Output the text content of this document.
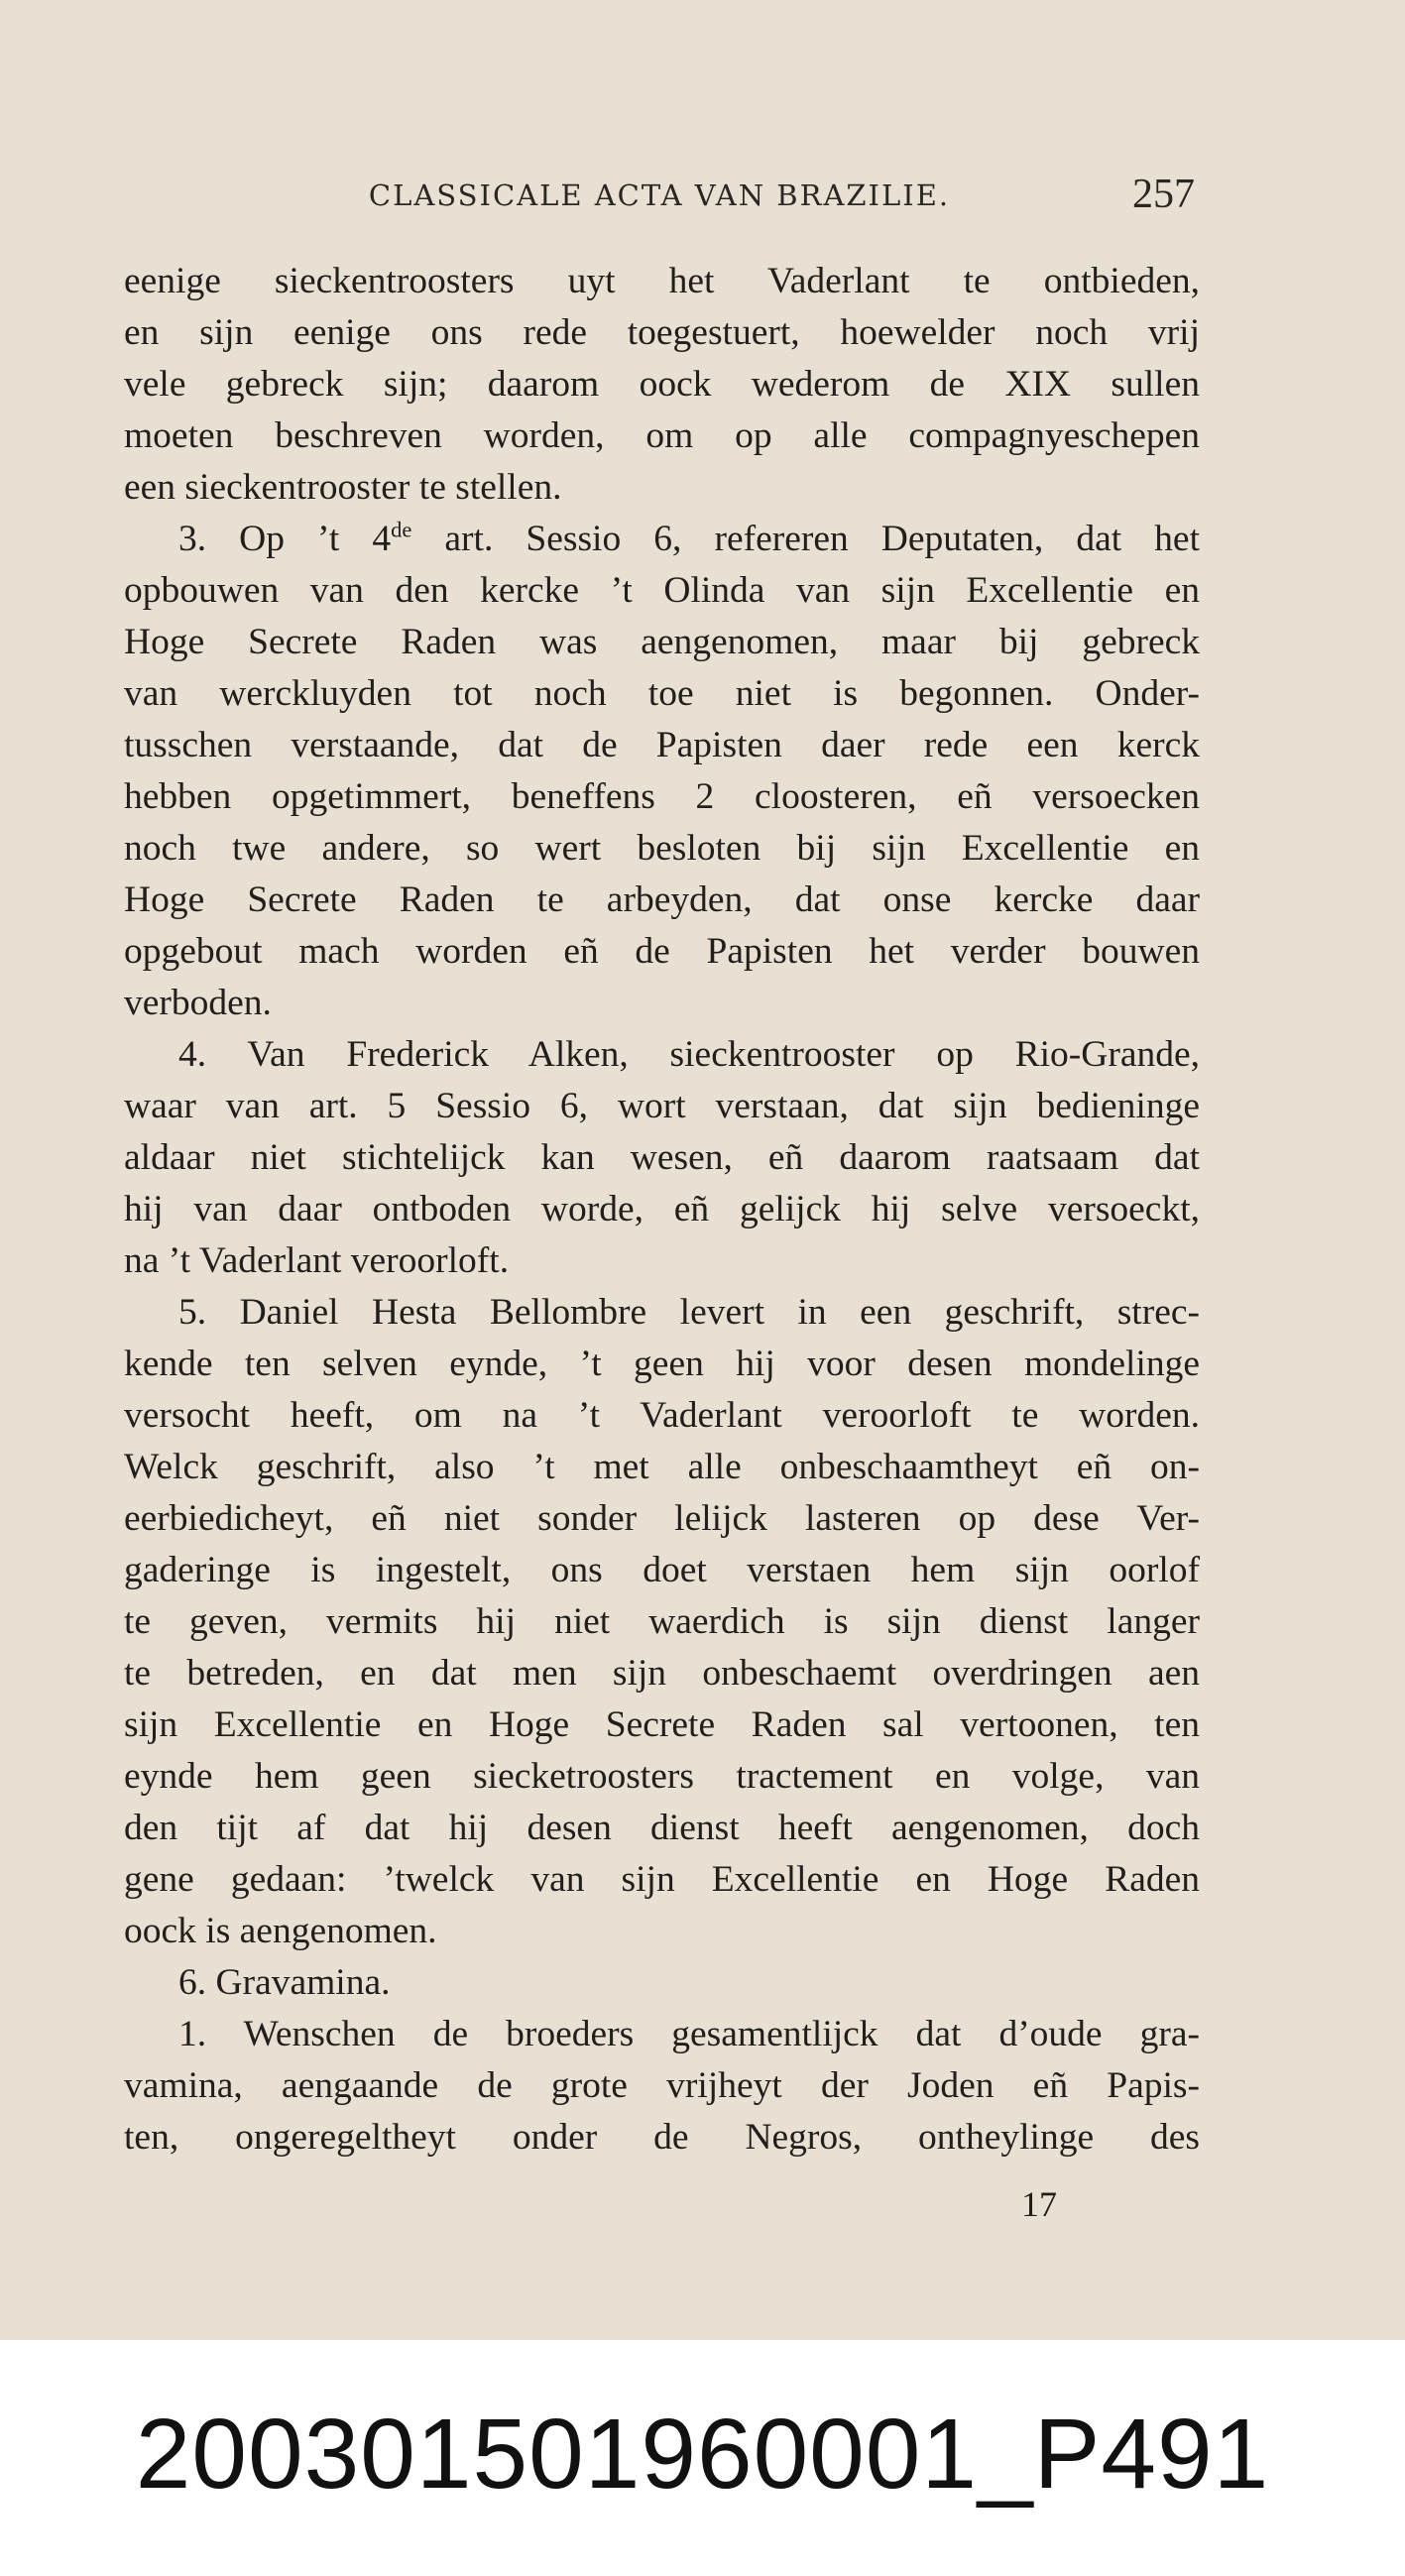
CLASSICALE ACTA VAN BRAZILIE.	257
eenige sieckentroosters uyt het Vaderlant te ontbieden,
en sijn eenige ons rede toegestuert, hoewelder noch vrij
vele gebreck sijn; daarom oock wederom de XIX sullen
moeten beschreven worden, om op alle compagnyeschepen
een sieckentrooster te stellen.
3. Op ’t 4de art. Sessio 6, refereren Deputaten, dat het
opbouwen van den kercke ’t Olinda van sijn Excellentie en
Hoge Secrete Raden was aengenomen, maar bij gebreck
van werckluyden tot noch toe niet is begonnen. Onder-
tusschen verstaande, dat de Papisten daer rede een kerck
hebben opgetimmert, beneffens 2 cloosteren, eñ versoecken
noch twe andere, so wert besloten bij sijn Excellentie en
Hoge Secrete Raden te arbeyden, dat onse kercke daar
opgebout mach worden eñ de Papisten het verder bouwen
verboden.
4. Van Frederick Alken, sieckentrooster op Rio-Grande,
waar van art. 5 Sessio 6, wort verstaan, dat sijn bedieninge
aldaar niet stichtelijck kan wesen, eñ daarom raatsaam dat
hij van daar ontboden worde, eñ gelijck hij selve versoeckt,
na ’t Vaderlant veroorloft.
5. Daniel Hesta Bellombre levert in een geschrift, strec-
kende ten selven eynde, ’t geen hij voor desen mondelinge
versocht heeft, om na ’t Vaderlant veroorloft te worden.
Welck geschrift, also ’t met alle onbeschaamtheyt eñ on-
eerbiedicheyt, eñ niet sonder lelijck lasteren op dese Ver-
gaderinge is ingestelt, ons doet verstaen hem sijn oorlof
te geven, vermits hij niet waerdich is sijn dienst langer
te betreden, en dat men sijn onbeschaemt overdringen aen
sijn Excellentie en Hoge Secrete Raden sal vertoonen, ten
eynde hem geen siecketroosters tractement en volge, van
den tijt af dat hij desen dienst heeft aengenomen, doch
gene gedaan: ’twelck van sijn Excellentie en Hoge Raden
oock is aengenomen.
6. Gravamina.
1. Wenschen de broeders gesamentlijck dat d’oude gra-
vamina, aengaande de grote vrijheyt der Joden eñ Papis-
ten, ongeregeltheyt onder de Negros, ontheylinge des
17
20030150196000​1_P491
